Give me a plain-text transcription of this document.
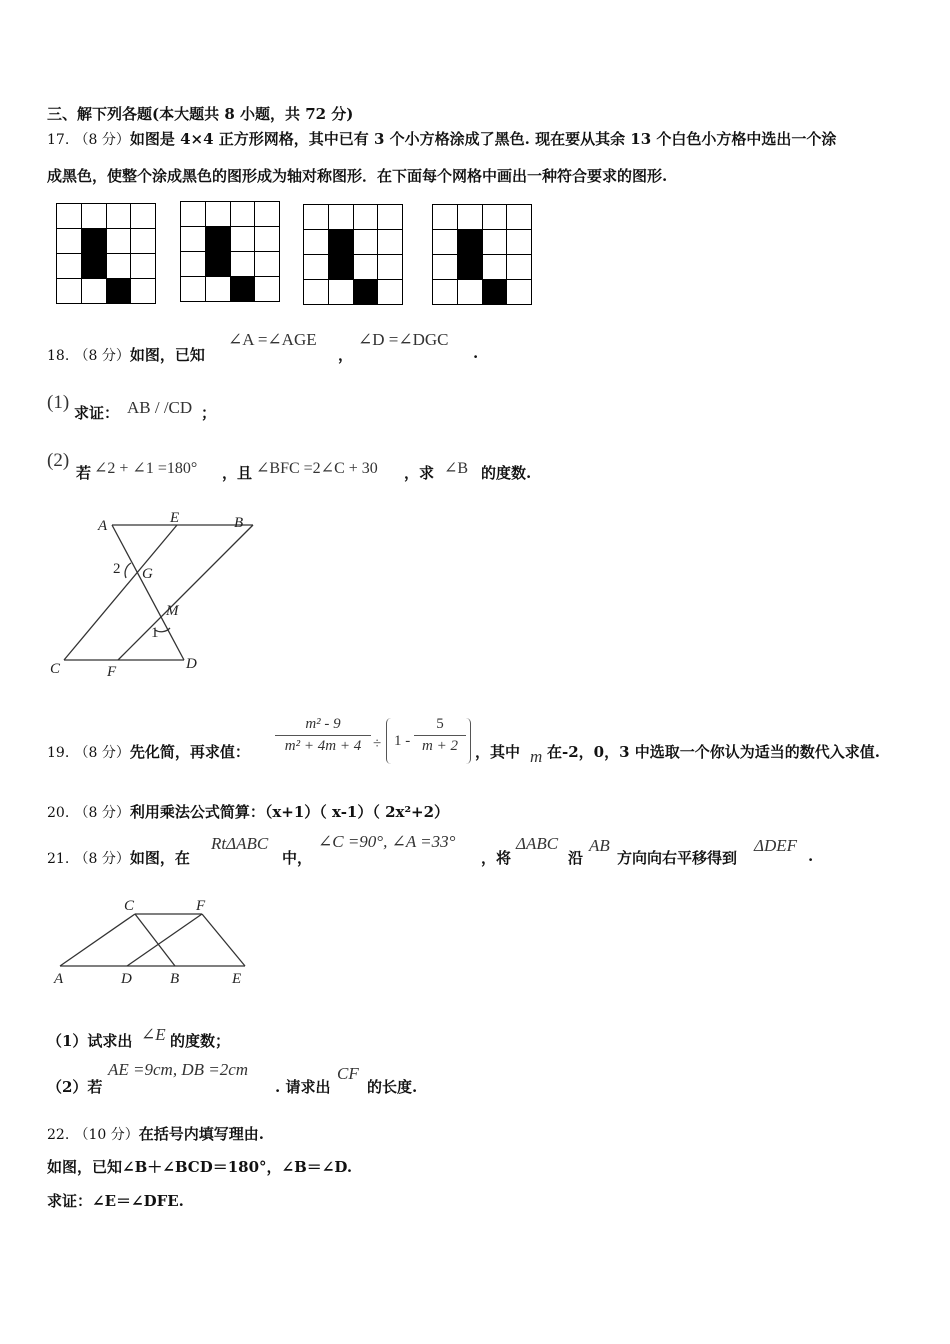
三、解下列各题(本大题共 8 小题，共 72 分)
17. （8 分）如图是 4×4 正方形网格，其中已有 3 个小方格涂成了黑色. 现在要从其余 13 个白色小方格中选出一个涂
成黑色，使整个涂成黑色的图形成为轴对称图形．在下面每个网格中画出一种符合要求的图形.

18. （8 分）如图，已知
∠A =∠AGE
，
∠D =∠DGC
.
(1) 求证： AB / /CD ；
(2)
若 ∠2 + ∠1 =180° ，且 ∠BFC =2∠C + 30 ，求 ∠B 的度数.
A	E	B
2 G
M
1
C	F	D
19. （8 分）先化简，再求值： $\frac{\text{m² - 9}}{\text{m² + 4m + 4}} \div 1 - \frac{5}{m + 2}$ ，其中 m 在-2，0，3 中选取一个你认为适当的数代入求值.
20. （8 分）利用乘法公式简算：（x+1）（ x-1）（ 2x²+2）
21. （8 分）如图，在
RtΔABC
中，
∠C =90°, ∠A =33°
，将
ΔABC
沿
AB
方向向右平移得到
ΔDEF
.
C	F
A	D	B	E
（1）试求出 ∠E 的度数；
（2）若
AE =9cm, DB =2cm
. 请求出
CF
的长度.
22. （10 分）在括号内填写理由.
如图，已知∠B＋∠BCD＝180°，∠B＝∠D.
求证：∠E＝∠DFE.
